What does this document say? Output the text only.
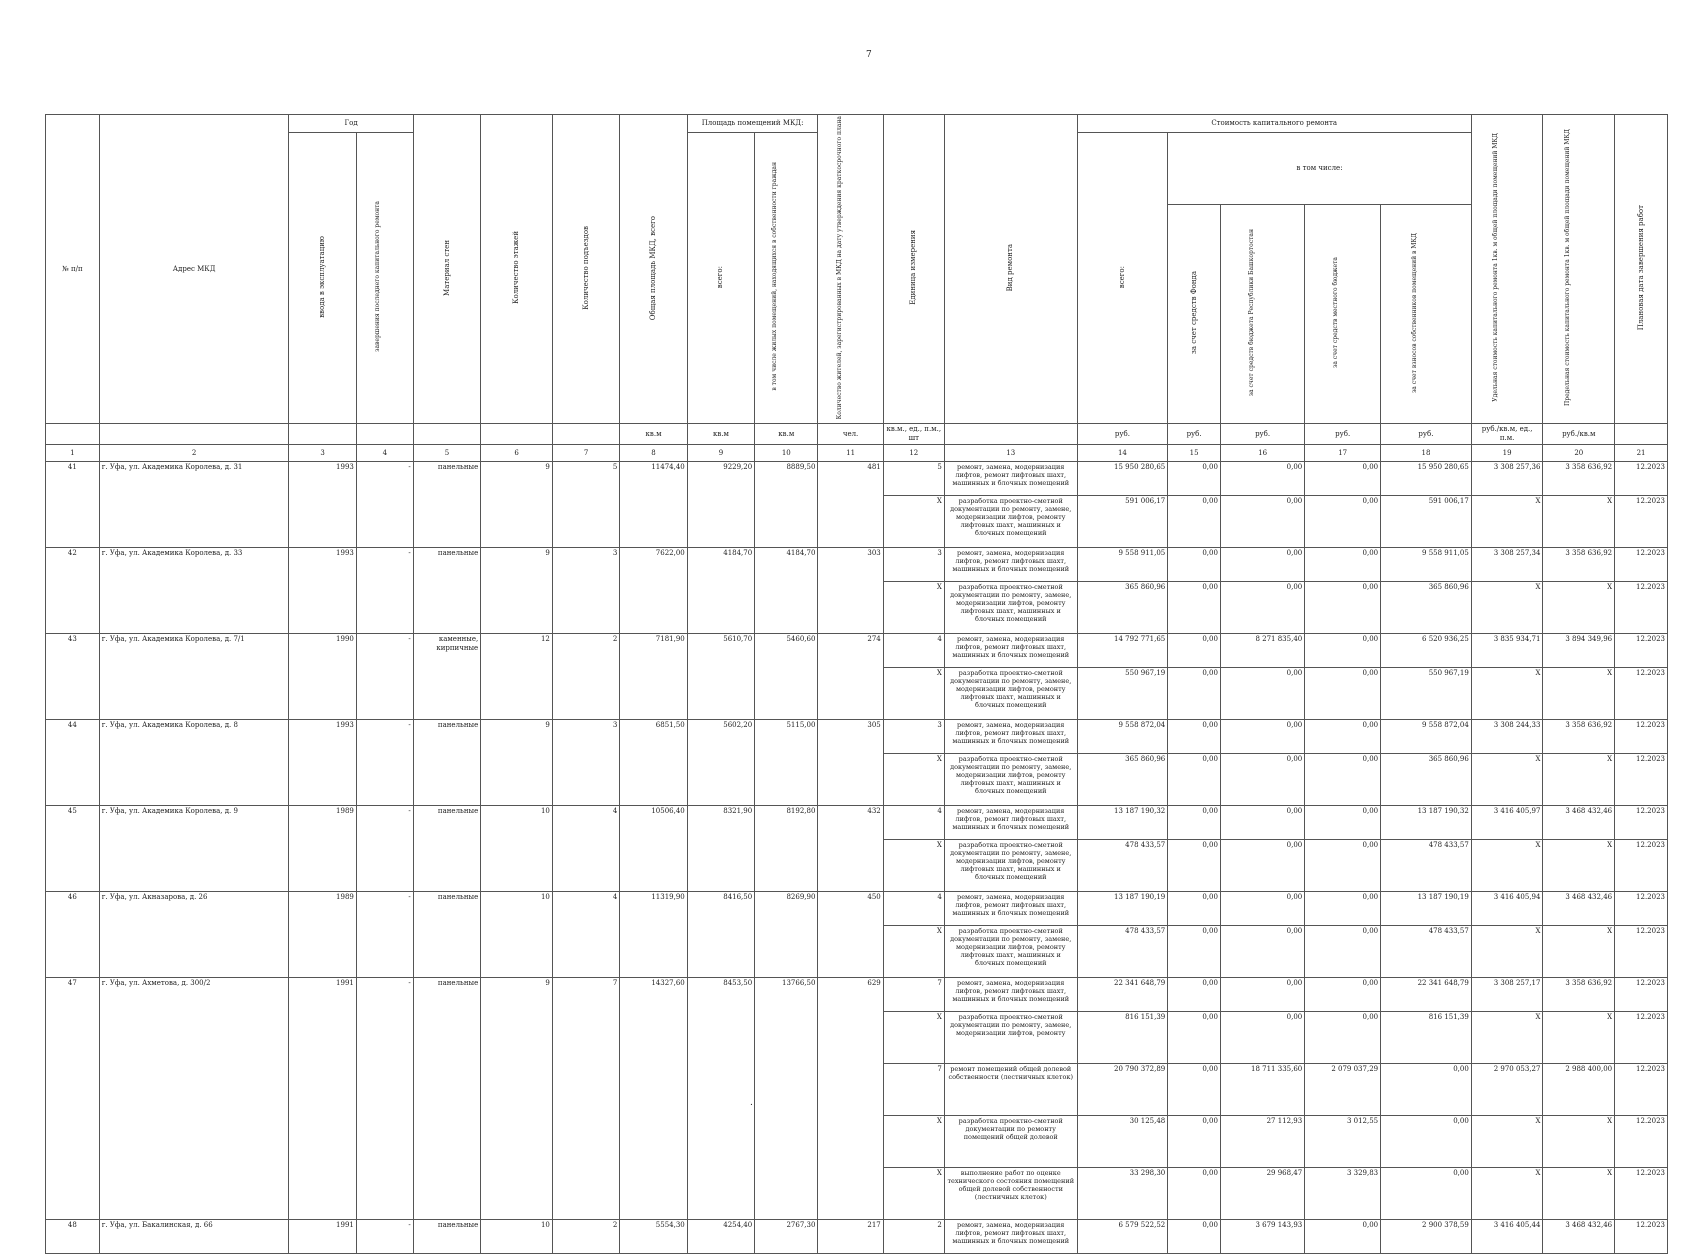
7
№ п/п	Адрес МКД	Год		Материал стен	Количество этажей	Количество подъездов	Общая площадь МКД, всего	Площадь помещений МКД:		Количество жителей, зарегистрированных в МКД на дату утверждения краткосрочного плана	Единица измерения	Вид ремонта	Стоимость капитального ремонта					Удельная стоимость капитального ремонта 1кв. м общей площади помещений МКД	Предельная стоимость капитального ремонта 1кв. м общей площади помещений МКД	Плановая дата завершения работ
		ввода в эксплуатацию	завершения последнего капитального ремонта					всего:	в том числе жилых помещений, находящихся в собственности граждан				всего:	в том числе:						
														за счет средств Фонда	за счет средств бюджета Республики Башкортостан	за счет средств местного бюджета	за счет взносов собственников помещений в МКД			
							кв.м	кв.м	кв.м	чел.	кв.м., ед., п.м., шт		руб.	руб.	руб.	руб.	руб.	руб./кв.м, ед., п.м.	руб./кв.м	
1	2	3	4	5	6	7	8	9	10	11	12	13	14	15	16	17	18	19	20	21
41	г. Уфа, ул. Академика Королева, д. 31	1993	-	панельные	9	5	11474,40	9229,20	8889,50	481	5	ремонт, замена, модернизация лифтов, ремонт лифтовых шахт, машинных и блочных помещений	15 950 280,65	0,00	0,00	0,00	15 950 280,65	3 308 257,36	3 358 636,92	12.2023
											X	разработка проектно-сметной документации по ремонту, замене, модернизации лифтов, ремонту лифтовых шахт, машинных и блочных помещений	591 006,17	0,00	0,00	0,00	591 006,17	X	X	12.2023
42	г. Уфа, ул. Академика Королева, д. 33	1993	-	панельные	9	3	7622,00	4184,70	4184,70	303	3	ремонт, замена, модернизация лифтов, ремонт лифтовых шахт, машинных и блочных помещений	9 558 911,05	0,00	0,00	0,00	9 558 911,05	3 308 257,34	3 358 636,92	12.2023
											X	разработка проектно-сметной документации по ремонту, замене, модернизации лифтов, ремонту лифтовых шахт, машинных и блочных помещений	365 860,96	0,00	0,00	0,00	365 860,96	X	X	12.2023
43	г. Уфа, ул. Академика Королева, д. 7/1	1990	-	каменные, кирпичные	12	2	7181,90	5610,70	5460,60	274	4	ремонт, замена, модернизация лифтов, ремонт лифтовых шахт, машинных и блочных помещений	14 792 771,65	0,00	8 271 835,40	0,00	6 520 936,25	3 835 934,71	3 894 349,96	12.2023
											X	разработка проектно-сметной документации по ремонту, замене, модернизации лифтов, ремонту лифтовых шахт, машинных и блочных помещений	550 967,19	0,00	0,00	0,00	550 967,19	X	X	12.2023
44	г. Уфа, ул. Академика Королева, д. 8	1993	-	панельные	9	3	6851,50	5602,20	5115,00	305	3	ремонт, замена, модернизация лифтов, ремонт лифтовых шахт, машинных и блочных помещений	9 558 872,04	0,00	0,00	0,00	9 558 872,04	3 308 244,33	3 358 636,92	12.2023
											X	разработка проектно-сметной документации по ремонту, замене, модернизации лифтов, ремонту лифтовых шахт, машинных и блочных помещений	365 860,96	0,00	0,00	0,00	365 860,96	X	X	12.2023
45	г. Уфа, ул. Академика Королева, д. 9	1989	-	панельные	10	4	10506,40	8321,90	8192,80	432	4	ремонт, замена, модернизация лифтов, ремонт лифтовых шахт, машинных и блочных помещений	13 187 190,32	0,00	0,00	0,00	13 187 190,32	3 416 405,97	3 468 432,46	12.2023
											X	разработка проектно-сметной документации по ремонту, замене, модернизации лифтов, ремонту лифтовых шахт, машинных и блочных помещений	478 433,57	0,00	0,00	0,00	478 433,57	X	X	12.2023
46	г. Уфа, ул. Акназарова, д. 26	1989	-	панельные	10	4	11319,90	8416,50	8269,90	450	4	ремонт, замена, модернизация лифтов, ремонт лифтовых шахт, машинных и блочных помещений	13 187 190,19	0,00	0,00	0,00	13 187 190,19	3 416 405,94	3 468 432,46	12.2023
											X	разработка проектно-сметной документации по ремонту, замене, модернизации лифтов, ремонту лифтовых шахт, машинных и блочных помещений	478 433,57	0,00	0,00	0,00	478 433,57	X	X	12.2023
47	г. Уфа, ул. Ахметова, д. 300/2	1991	-	панельные	9	7	14327,60	8453,50	13766,50	629	7	ремонт, замена, модернизация лифтов, ремонт лифтовых шахт, машинных и блочных помещений	22 341 648,79	0,00	0,00	0,00	22 341 648,79	3 308 257,17	3 358 636,92	12.2023
											X	разработка проектно-сметной документации по ремонту, замене, модернизации лифтов, ремонту	816 151,39	0,00	0,00	0,00	816 151,39	X	X	12.2023
											7	ремонт помещений общей долевой собственности (лестничных клеток)	20 790 372,89	0,00	18 711 335,60	2 079 037,29	0,00	2 970 053,27	2 988 400,00	12.2023
											X	разработка проектно-сметной документации по ремонту помещений общей долевой	30 125,48	0,00	27 112,93	3 012,55	0,00	X	X	12.2023
											X	выполнение работ по оценке технического состояния помещений общей долевой собственности (лестничных клеток)	33 298,30	0,00	29 968,47	3 329,83	0,00	X	X	12.2023
48	г. Уфа, ул. Бакалинская, д. 66	1991	-	панельные	10	2	5554,30	4254,40	2767,30	217	2	ремонт, замена, модернизация лифтов, ремонт лифтовых шахт, машинных и блочных помещений	6 579 522,52	0,00	3 679 143,93	0,00	2 900 378,59	3 416 405,44	3 468 432,46	12.2023
.
